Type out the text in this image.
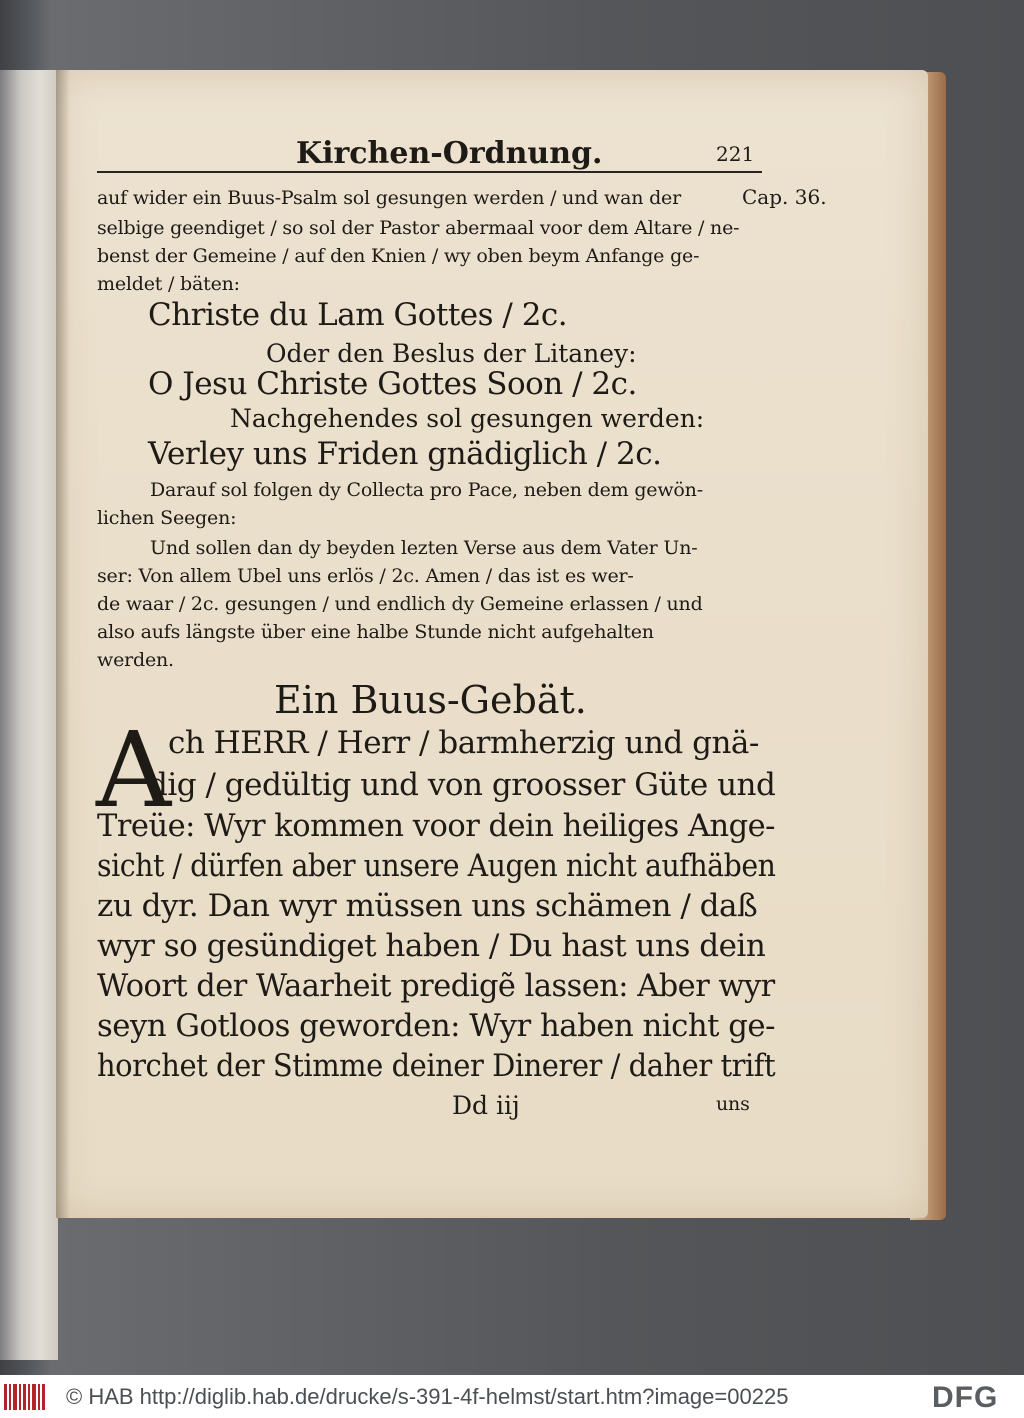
Kirchen-Ordnung.	221
Cap. 36.
auf wider ein Buus-Psalm sol gesungen werden / und wan der
selbige geendiget / so sol der Pastor abermaal voor dem Altare / ne-
benst der Gemeine / auf den Knien / wy oben beym Anfange ge-
meldet / bäten:
Christe du Lam Gottes / 2c.
Oder den Beslus der Litaney:
O Jesu Christe Gottes Soon / 2c.
Nachgehendes sol gesungen werden:
Verley uns Friden gnädiglich / 2c.
Darauf sol folgen dy Collecta pro Pace, neben dem gewön-
lichen Seegen:
Und sollen dan dy beyden lezten Verse aus dem Vater Un-
ser: Von allem Ubel uns erlös / 2c. Amen / das ist es wer-
de waar / 2c. gesungen / und endlich dy Gemeine erlassen / und
also aufs längste über eine halbe Stunde nicht aufgehalten
werden.
Ein Buus-Gebät.
A
ch HERR / Herr / barmherzig und gnä-
dig / gedültig und von groosser Güte und
Treüe: Wyr kommen voor dein heiliges Ange-
sicht / dürfen aber unsere Augen nicht aufhäben
zu dyr. Dan wyr müssen uns schämen / daß
wyr so gesündiget haben / Du hast uns dein
Woort der Waarheit predigẽ lassen: Aber wyr
seyn Gotloos geworden: Wyr haben nicht ge-
horchet der Stimme deiner Dinerer / daher trift
Dd iij	uns
© HAB http://diglib.hab.de/drucke/s-391-4f-helmst/start.htm?image=00225	DFG
